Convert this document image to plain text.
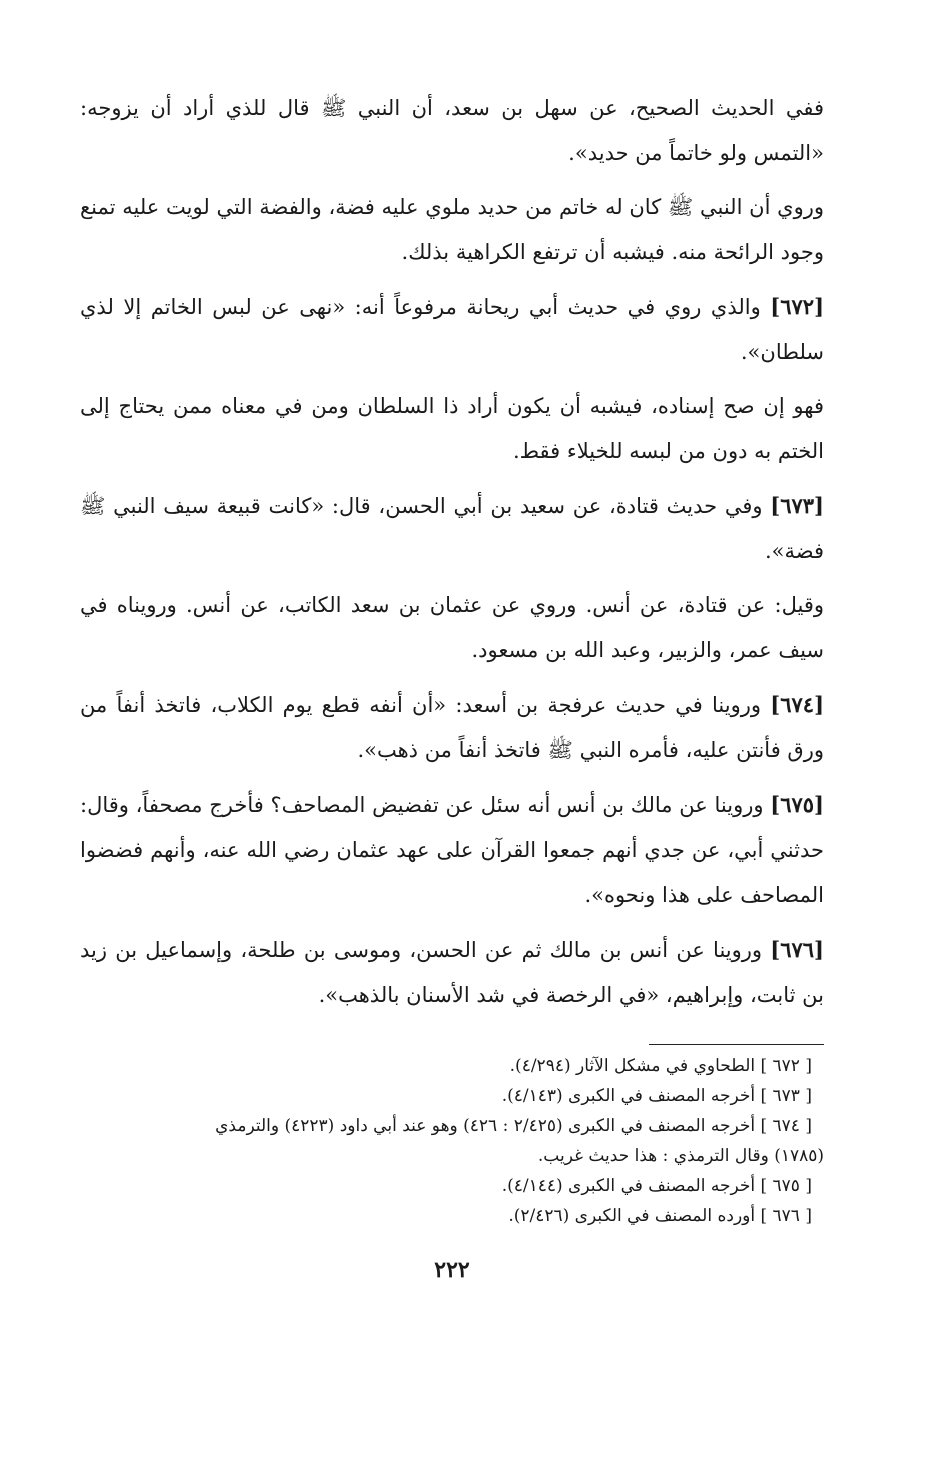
ففي الحديث الصحيح، عن سهل بن سعد، أن النبي ﷺ قال للذي أراد أن يزوجه: «التمس ولو خاتماً من حديد».

وروي أن النبي ﷺ كان له خاتم من حديد ملوي عليه فضة، والفضة التي لويت عليه تمنع وجود الرائحة منه. فيشبه أن ترتفع الكراهية بذلك.

[٦٧٢] والذي روي في حديث أبي ريحانة مرفوعاً أنه: «نهى عن لبس الخاتم إلا لذي سلطان».

فهو إن صح إسناده، فيشبه أن يكون أراد ذا السلطان ومن في معناه ممن يحتاج إلى الختم به دون من لبسه للخيلاء فقط.

[٦٧٣] وفي حديث قتادة، عن سعيد بن أبي الحسن، قال: «كانت قبيعة سيف النبي ﷺ فضة».

وقيل: عن قتادة، عن أنس. وروي عن عثمان بن سعد الكاتب، عن أنس. ورويناه في سيف عمر، والزبير، وعبد الله بن مسعود.

[٦٧٤] وروينا في حديث عرفجة بن أسعد: «أن أنفه قطع يوم الكلاب، فاتخذ أنفاً من ورق فأنتن عليه، فأمره النبي ﷺ فاتخذ أنفاً من ذهب».

[٦٧٥] وروينا عن مالك بن أنس أنه سئل عن تفضيض المصاحف؟ فأخرج مصحفاً، وقال: حدثني أبي، عن جدي أنهم جمعوا القرآن على عهد عثمان رضي الله عنه، وأنهم فضضوا المصاحف على هذا ونحوه».

[٦٧٦] وروينا عن أنس بن مالك ثم عن الحسن، وموسى بن طلحة، وإسماعيل بن زيد بن ثابت، وإبراهيم، «في الرخصة في شد الأسنان بالذهب».

[ ٦٧٢ ] الطحاوي في مشكل الآثار (٤/٢٩٤).

[ ٦٧٣ ] أخرجه المصنف في الكبرى (٤/١٤٣).

[ ٦٧٤ ] أخرجه المصنف في الكبرى (٢/٤٢٥ : ٤٢٦) وهو عند أبي داود (٤٢٢٣) والترمذي

(١٧٨٥) وقال الترمذي : هذا حديث غريب.

[ ٦٧٥ ] أخرجه المصنف في الكبرى (٤/١٤٤).

[ ٦٧٦ ] أورده المصنف في الكبرى (٢/٤٢٦).

٢٢٢
